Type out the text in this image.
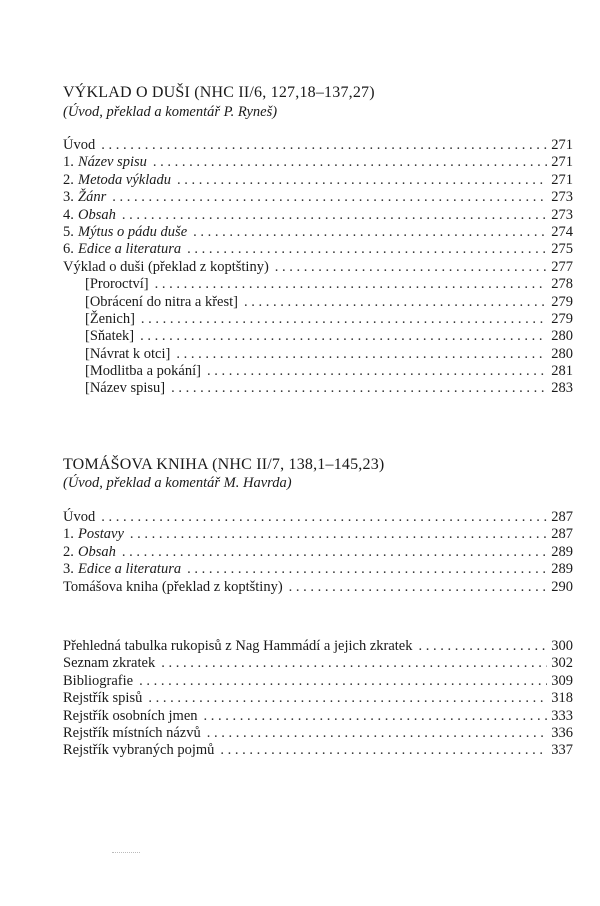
VÝKLAD O DUŠI (NHC II/6, 127,18–137,27)
(Úvod, překlad a komentář P. Ryneš)
Úvod . . .	271
1. Název spisu . . .	271
2. Metoda výkladu . . .	271
3. Žánr . . .	273
4. Obsah . . .	273
5. Mýtus o pádu duše . . .	274
6. Edice a literatura . . .	275
Výklad o duši (překlad z koptštiny) . . .	277
[Proroctví] . . .	278
[Obrácení do nitra a křest] . . .	279
[Ženich] . . .	279
[Sňatek] . . .	280
[Návrat k otci] . . .	280
[Modlitba a pokání] . . .	281
[Název spisu] . . .	283
TOMÁŠOVA KNIHA (NHC II/7, 138,1–145,23)
(Úvod, překlad a komentář M. Havrda)
Úvod . . .	287
1. Postavy . . .	287
2. Obsah . . .	289
3. Edice a literatura . . .	289
Tomášova kniha (překlad z koptštiny) . . .	290
Přehledná tabulka rukopisů z Nag Hammádí a jejich zkratek . . .	300
Seznam zkratek . . .	302
Bibliografie . . .	309
Rejstřík spisů . . .	318
Rejstřík osobních jmen . . .	333
Rejstřík místních názvů . . .	336
Rejstřík vybraných pojmů . . .	337
